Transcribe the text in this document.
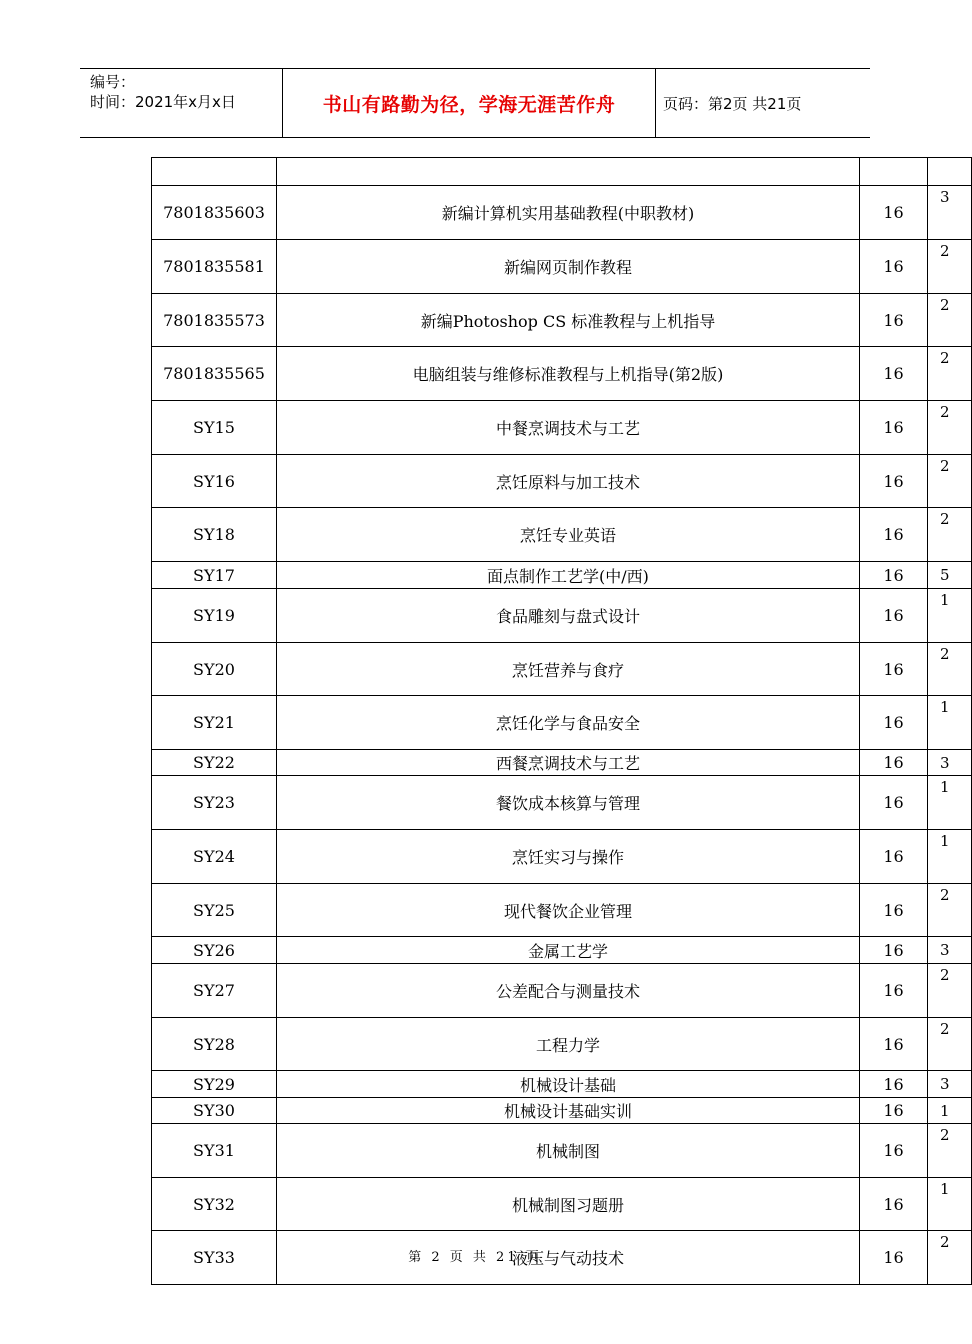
编号：
时间：2021年x月x日	书山有路勤为径，学海无涯苦作舟	页码：第2页 共21页

7801835603	新编计算机实用基础教程(中职教材)	16	3
7801835581	新编网页制作教程	16	2
7801835573	新编Photoshop CS 标准教程与上机指导	16	2
7801835565	电脑组装与维修标准教程与上机指导(第2版)	16	2
SY15	中餐烹调技术与工艺	16	2
SY16	烹饪原料与加工技术	16	2
SY18	烹饪专业英语	16	2
SY17	面点制作工艺学(中/西)	16	5
SY19	食品雕刻与盘式设计	16	1
SY20	烹饪营养与食疗	16	2
SY21	烹饪化学与食品安全	16	1
SY22	西餐烹调技术与工艺	16	3
SY23	餐饮成本核算与管理	16	1
SY24	烹饪实习与操作	16	1
SY25	现代餐饮企业管理	16	2
SY26	金属工艺学	16	3
SY27	公差配合与测量技术	16	2
SY28	工程力学	16	2
SY29	机械设计基础	16	3
SY30	机械设计基础实训	16	1
SY31	机械制图	16	2
SY32	机械制图习题册	16	1
SY33	液压与气动技术	16	2
第 2 页 共 21 页
